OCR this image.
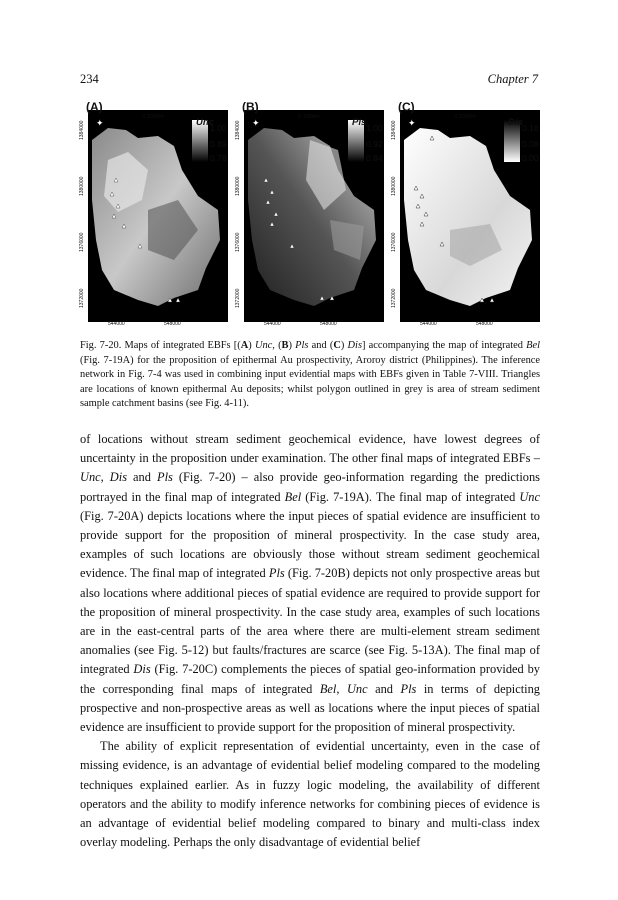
234	Chapter 7
✦
(A)
0 1000m	Unc
1.00
0.89
0.78
1384000
1380000
1376000
1372000
544000	548000
✦
(B)
0 1000m	Pls 1.00
0.92
0.84
1384000
1380000
1376000
1372000
544000	548000
✦
(C)
0 1000m	Dis 0.16
0.08
0.00
1384000
1380000
1376000
1372000
544000	548000
Fig. 7-20. Maps of integrated EBFs [(A) Unc, (B) Pls and (C) Dis] accompanying the map of integrated Bel (Fig. 7-19A) for the proposition of epithermal Au prospectivity, Aroroy district (Philippines). The inference network in Fig. 7-4 was used in combining input evidential maps with EBFs given in Table 7-VIII. Triangles are locations of known epithermal Au deposits; whilst polygon outlined in grey is area of stream sediment sample catchment basins (see Fig. 4-11).

of locations without stream sediment geochemical evidence, have lowest degrees of uncertainty in the proposition under examination. The other final maps of integrated EBFs – Unc, Dis and Pls (Fig. 7-20) – also provide geo-information regarding the predictions portrayed in the final map of integrated Bel (Fig. 7-19A). The final map of integrated Unc (Fig. 7-20A) depicts locations where the input pieces of spatial evidence are insufficient to provide support for the proposition of mineral prospectivity. In the case study area, examples of such locations are obviously those without stream sediment geochemical evidence. The final map of integrated Pls (Fig. 7-20B) depicts not only prospective areas but also locations where additional pieces of spatial evidence are required to provide support for the proposition of mineral prospectivity. In the case study area, examples of such locations are in the east-central parts of the area where there are multi-element stream sediment anomalies (see Fig. 5-12) but faults/fractures are scarce (see Fig. 5-13A). The final map of integrated Dis (Fig. 7-20C) complements the pieces of spatial geo-information provided by the corresponding final maps of integrated Bel, Unc and Pls in terms of depicting prospective and non-prospective areas as well as locations where the input pieces of spatial evidence are insufficient to provide support for the proposition of mineral prospectivity.

The ability of explicit representation of evidential uncertainty, even in the case of missing evidence, is an advantage of evidential belief modeling compared to the modeling techniques explained earlier. As in fuzzy logic modeling, the availability of different operators and the ability to modify inference networks for combining pieces of evidence is an advantage of evidential belief modeling compared to binary and multi-class index overlay modeling. Perhaps the only disadvantage of evidential belief
